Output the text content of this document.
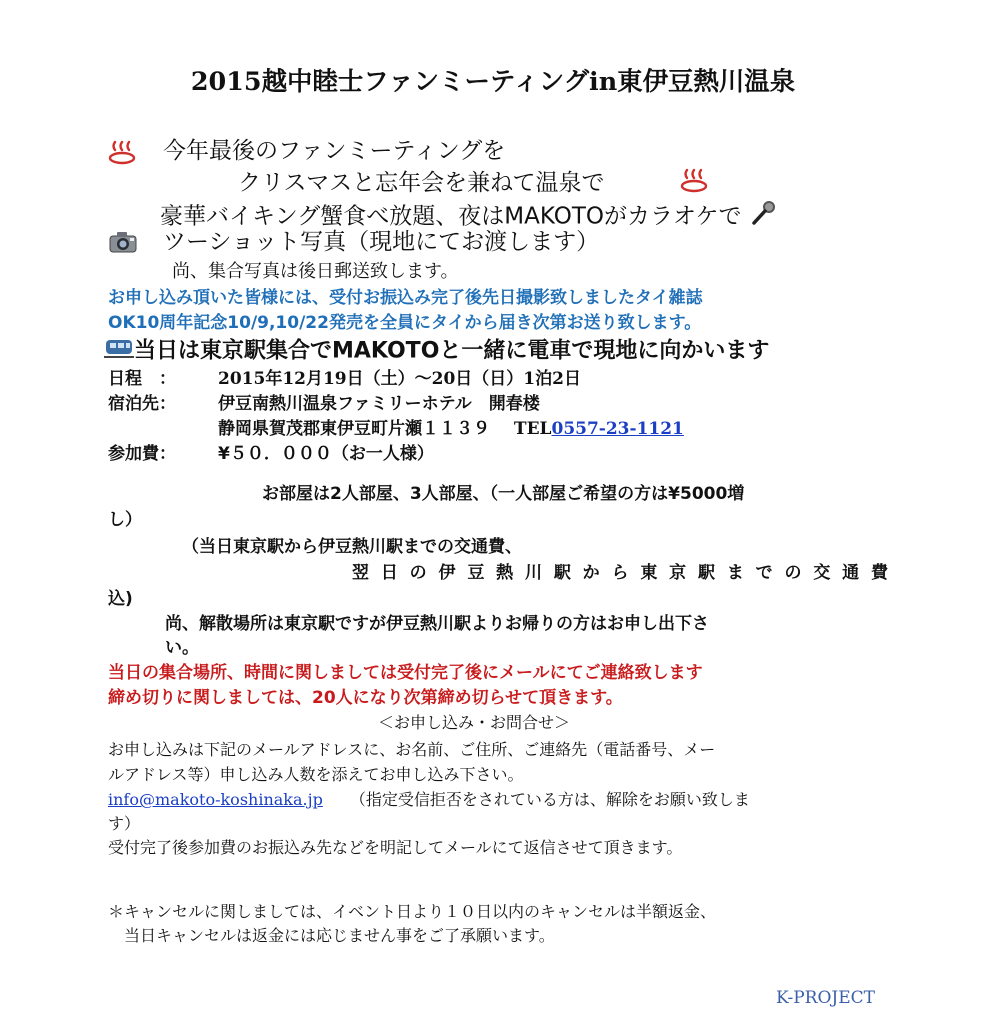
2015越中睦士ファンミーティングin東伊豆熱川温泉
今年最後のファンミーティングを
クリスマスと忘年会を兼ねて温泉で
豪華バイキング蟹食べ放題、夜はMAKOTOがカラオケで
ツーショット写真（現地にてお渡します）
尚、集合写真は後日郵送致します。
お申し込み頂いた皆様には、受付お振込み完了後先日撮影致しましたタイ雑誌
OK10周年記念10/9,10/22発売を全員にタイから届き次第お送り致します。
当日は東京駅集合でMAKOTOと一緒に電車で現地に向かいます
日程　： 2015年12月19日（土）〜20日（日）1泊2日
宿泊先： 伊豆南熱川温泉ファミリーホテル　開春楼
静岡県賀茂郡東伊豆町片瀬１１３９ TEL0557-23-1121
参加費： ¥５０．０００（お一人様）
お部屋は2人部屋、3人部屋、（一人部屋ご希望の方は¥5000増
し）
（当日東京駅から伊豆熱川駅までの交通費、
翌日の伊豆熱川駅から東京駅までの交通費
込)
尚、解散場所は東京駅ですが伊豆熱川駅よりお帰りの方はお申し出下さ
い。
当日の集合場所、時間に関しましては受付完了後にメールにてご連絡致します
締め切りに関しましては、20人になり次第締め切らせて頂きます。
＜お申し込み・お問合せ＞
お申し込みは下記のメールアドレスに、お名前、ご住所、ご連絡先（電話番号、メー
ルアドレス等）申し込み人数を添えてお申し込み下さい。
info@makoto-koshinaka.jp （指定受信拒否をされている方は、解除をお願い致しま
す）
受付完了後参加費のお振込み先などを明記してメールにて返信させて頂きます。
＊キャンセルに関しましては、イベント日より１０日以内のキャンセルは半額返金、
当日キャンセルは返金には応じません事をご了承願います。
K-PROJECT
